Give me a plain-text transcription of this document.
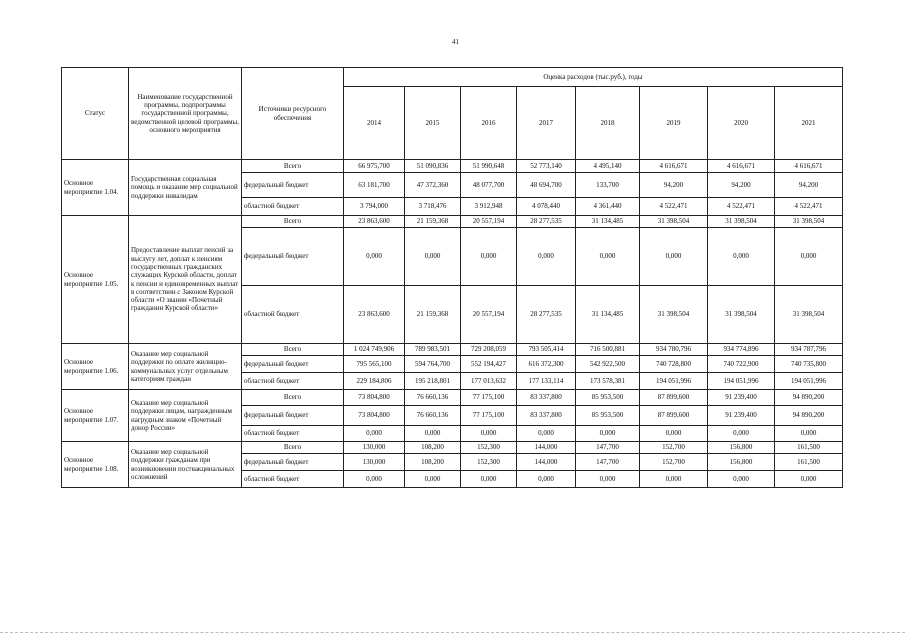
41
Статус	Наименование государственной программы, подпрограммы государственной программы, ведомственной целевой программы, основного мероприятия	Источники ресурсного обеспечения	Оценка расходов (тыс.руб.), годы							
			2014	2015	2016	2017	2018	2019	2020	2021
Основное мероприятие 1.04.	Государственная социальная помощь и оказание мер социальной поддержки инвалидам	Всего	66 975,700	51 090,836	51 990,648	52 773,140	4 495,140	4 616,671	4 616,671	4 616,671
		федеральный бюджет	63 181,700	47 372,360	48 077,700	48 694,700	133,700	94,200	94,200	94,200
		областной бюджет	3 794,000	3 718,476	3 912,948	4 078,440	4 361,440	4 522,471	4 522,471	4 522,471
Основное мероприятие 1.05.	Предоставление выплат пенсий за выслугу лет, доплат к пенсиям государственных гражданских служащих Курской области, доплат к пенсии и единовременных выплат в соответствии с Законом Курской области «О звании «Почетный гражданин Курской области»	Всего	23 863,600	21 159,368	20 557,194	28 277,535	31 134,485	31 398,504	31 398,504	31 398,504
		федеральный бюджет	0,000	0,000	0,000	0,000	0,000	0,000	0,000	0,000
		областной бюджет	23 863,600	21 159,368	20 557,194	28 277,535	31 134,485	31 398,504	31 398,504	31 398,504
Основное мероприятие 1.06.	Оказание мер социальной поддержки по оплате жилищно-коммунальных услуг отдельным категориям граждан	Всего	1 024 749,906	789 983,501	729 208,059	793 505,414	716 500,881	934 780,796	934 774,896	934 787,796
		федеральный бюджет	795 565,100	594 764,700	552 194,427	616 372,300	542 922,500	740 728,800	740 722,900	740 735,800
		областной бюджет	229 184,806	195 218,801	177 013,632	177 133,114	173 578,381	194 051,996	194 051,996	194 051,996
Основное мероприятие 1.07.	Оказание мер социальной поддержки лицам, награжденным нагрудным знаком «Почетный донор России»	Всего	73 804,800	76 660,136	77 175,100	83 337,800	85 953,500	87 899,600	91 239,400	94 890,200
		федеральный бюджет	73 804,800	76 660,136	77 175,100	83 337,800	85 953,500	87 899,600	91 239,400	94 890,200
		областной бюджет	0,000	0,000	0,000	0,000	0,000	0,000	0,000	0,000
Основное мероприятие 1.08.	Оказание мер социальной поддержки гражданам при возникновении поствакцинальных осложнений	Всего	130,000	108,200	152,300	144,000	147,700	152,700	156,800	161,500
		федеральный бюджет	130,000	108,200	152,300	144,000	147,700	152,700	156,800	161,500
		областной бюджет	0,000	0,000	0,000	0,000	0,000	0,000	0,000	0,000
